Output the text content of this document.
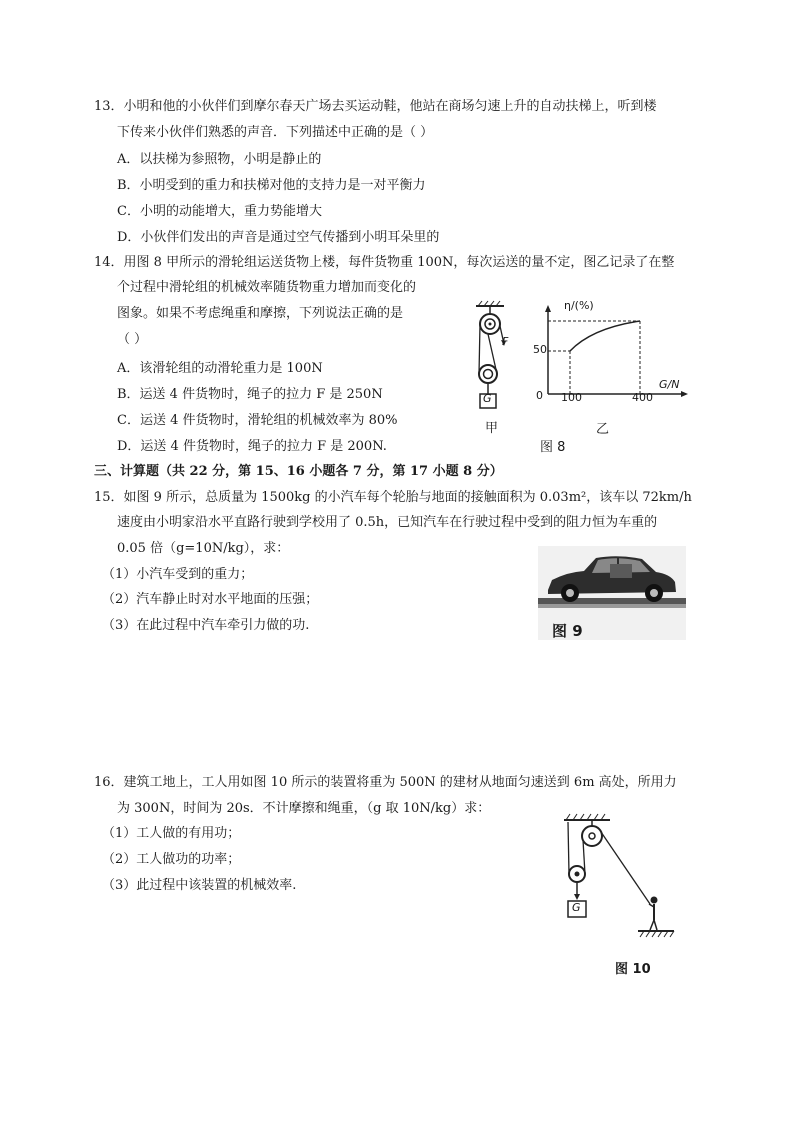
13．小明和他的小伙伴们到摩尔春天广场去买运动鞋，他站在商场匀速上升的自动扶梯上，听到楼
下传来小伙伴们熟悉的声音．下列描述中正确的是（ ）
A．以扶梯为参照物，小明是静止的
B．小明受到的重力和扶梯对他的支持力是一对平衡力
C．小明的动能增大，重力势能增大
D．小伙伴们发出的声音是通过空气传播到小明耳朵里的
14．用图 8 甲所示的滑轮组运送货物上楼，每件货物重 100N，每次运送的量不定，图乙记录了在整
个过程中滑轮组的机械效率随货物重力增加而变化的
图象。如果不考虑绳重和摩擦，下列说法正确的是
（ ）
A．该滑轮组的动滑轮重力是 100N
B．运送 4 件货物时，绳子的拉力 F 是 250N
C．运送 4 件货物时，滑轮组的机械效率为 80%
D．运送 4 件货物时，绳子的拉力 F 是 200N.
F
G
甲
η/(%)
G/N
50
0 100	400
乙
图 8
三、计算题（共 22 分，第 15、16 小题各 7 分，第 17 小题 8 分）
15．如图 9 所示，总质量为 1500kg 的小汽车每个轮胎与地面的接触面积为 0.03m²，该车以 72km/h
速度由小明家沿水平直路行驶到学校用了 0.5h，已知汽车在行驶过程中受到的阻力恒为车重的
0.05 倍（g=10N/kg），求：
（1）小汽车受到的重力；
（2）汽车静止时对水平地面的压强；
（3）在此过程中汽车牵引力做的功.	图 9
16．建筑工地上，工人用如图 10 所示的装置将重为 500N 的建材从地面匀速送到 6m 高处，所用力
为 300N，时间为 20s．不计摩擦和绳重，（g 取 10N/kg）求：
（1）工人做的有用功；
（2）工人做功的功率；
（3）此过程中该装置的机械效率.
G
图 10
